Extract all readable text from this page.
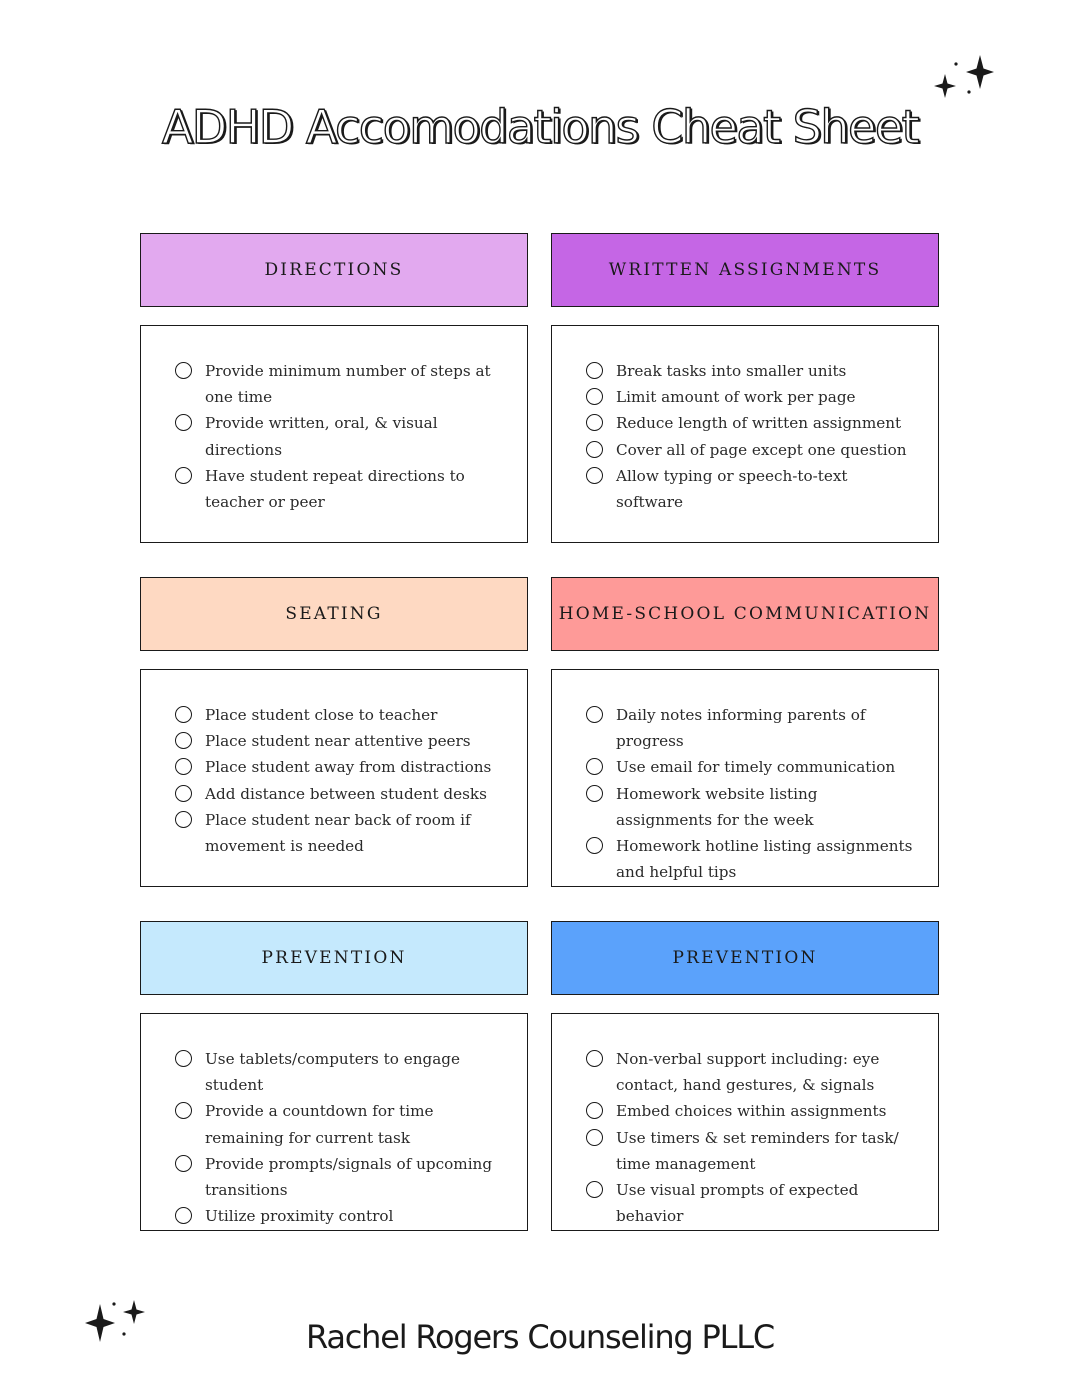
ADHD Accomodations Cheat Sheet
DIRECTIONS
Provide minimum number of steps at one time
Provide written, oral, & visual directions
Have student repeat directions to teacher or peer
WRITTEN ASSIGNMENTS
Break tasks into smaller units
Limit amount of work per page
Reduce length of written assignment
Cover all of page except one question
Allow typing or speech-to-text software
SEATING
Place student close to teacher
Place student near attentive peers
Place student away from distractions
Add distance between student desks
Place student near back of room if movement is needed
HOME-SCHOOL COMMUNICATION
Daily notes informing parents of progress
Use email for timely communication
Homework website listing assignments for the week
Homework hotline listing assignments and helpful tips
PREVENTION
Use tablets/computers to engage student
Provide a countdown for time remaining for current task
Provide prompts/signals of upcoming transitions
Utilize proximity control
PREVENTION
Non-verbal support including: eye contact, hand gestures, & signals
Embed choices within assignments
Use timers & set reminders for task/ time management
Use visual prompts of expected behavior
Rachel Rogers Counseling PLLC
